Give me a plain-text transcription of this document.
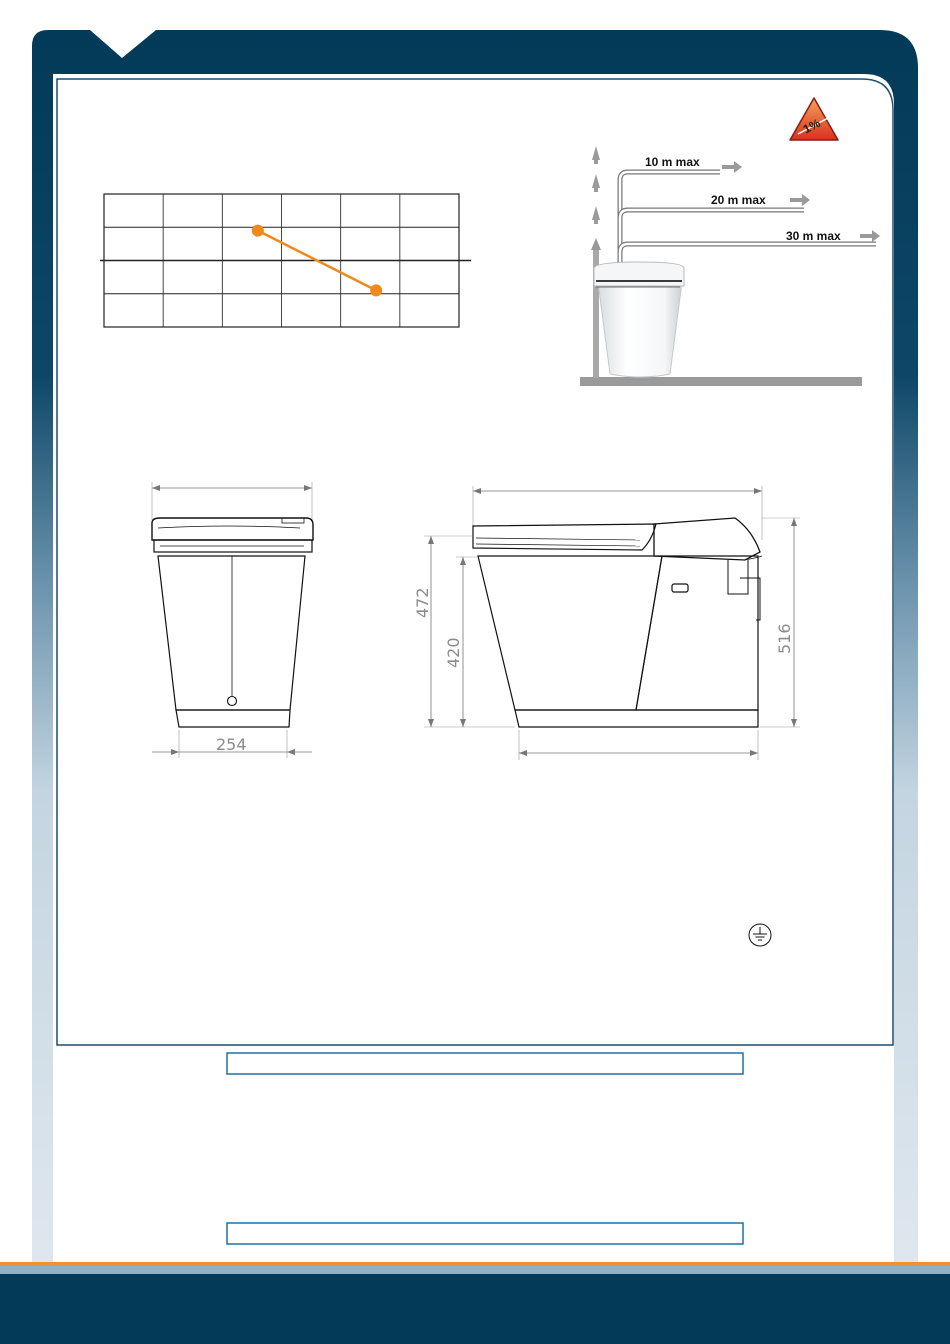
10 m max
20 m max
30 m max
1%
254
472
420	516
